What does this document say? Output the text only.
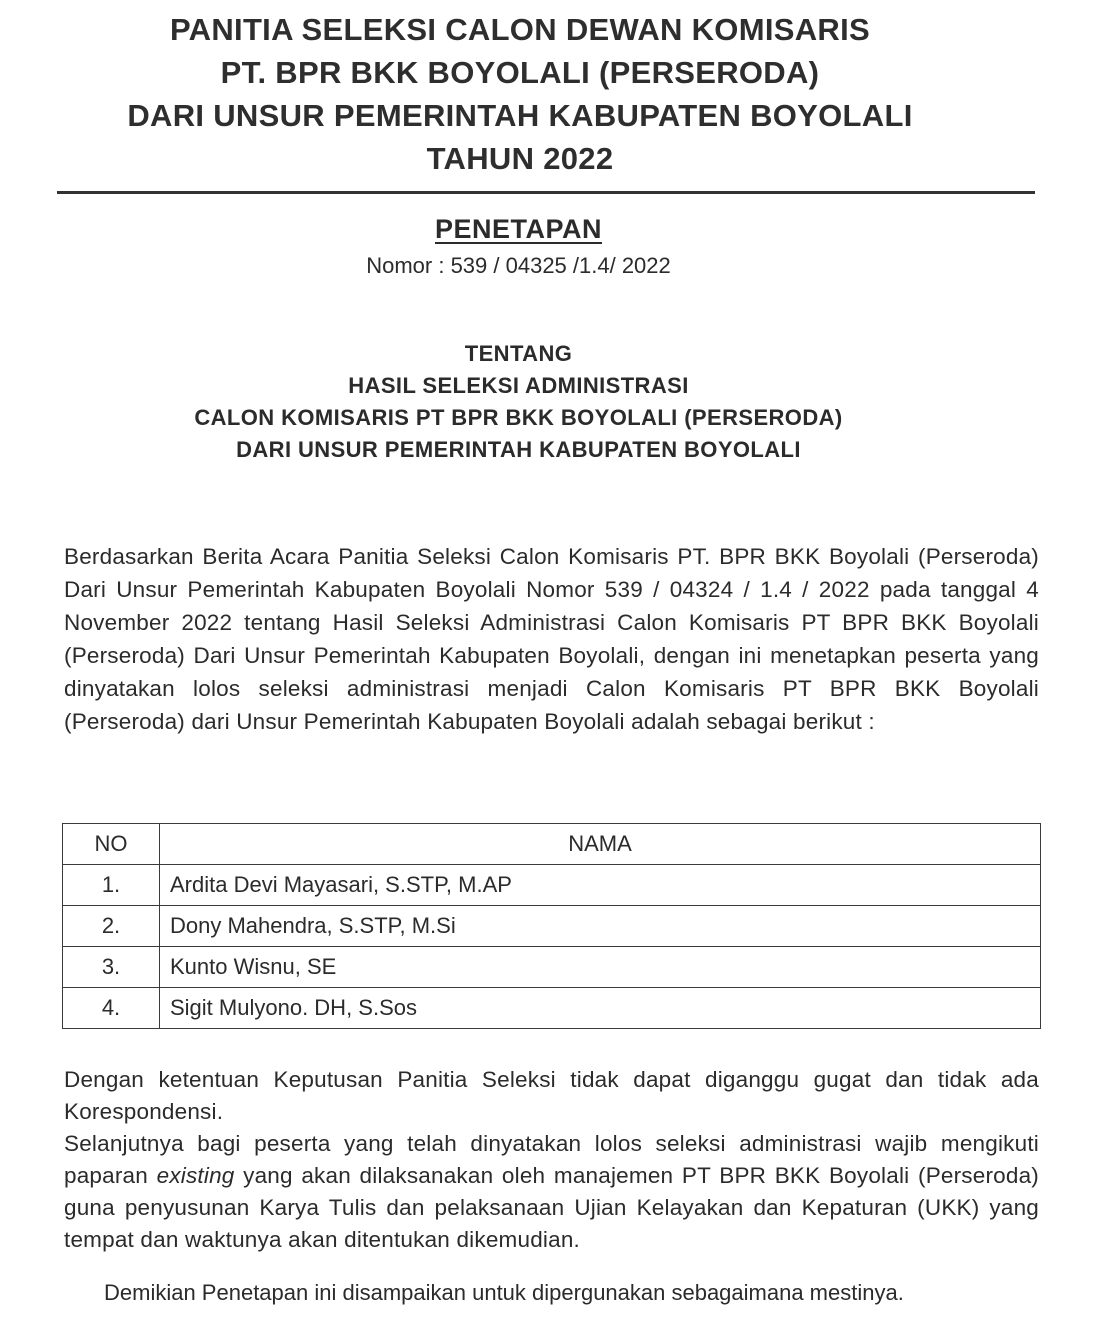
PANITIA SELEKSI CALON DEWAN KOMISARIS
PT. BPR BKK BOYOLALI (PERSERODA)
DARI UNSUR PEMERINTAH KABUPATEN BOYOLALI
TAHUN 2022
PENETAPAN
Nomor : 539 / 04325 /1.4/ 2022
TENTANG
HASIL SELEKSI ADMINISTRASI
CALON KOMISARIS PT BPR BKK BOYOLALI (PERSERODA)
DARI UNSUR PEMERINTAH KABUPATEN BOYOLALI
Berdasarkan Berita Acara Panitia Seleksi Calon Komisaris PT. BPR BKK Boyolali (Perseroda) Dari Unsur Pemerintah Kabupaten Boyolali Nomor 539 / 04324 / 1.4 / 2022 pada tanggal 4 November 2022 tentang Hasil Seleksi Administrasi Calon Komisaris PT BPR BKK Boyolali (Perseroda) Dari Unsur Pemerintah Kabupaten Boyolali, dengan ini menetapkan peserta yang dinyatakan lolos seleksi administrasi menjadi Calon Komisaris PT BPR BKK Boyolali (Perseroda) dari Unsur Pemerintah Kabupaten Boyolali adalah sebagai berikut :
NO	NAMA
1.	Ardita Devi Mayasari, S.STP, M.AP
2.	Dony Mahendra, S.STP, M.Si
3.	Kunto Wisnu, SE
4.	Sigit Mulyono. DH, S.Sos
Dengan ketentuan Keputusan Panitia Seleksi tidak dapat diganggu gugat dan tidak ada Korespondensi.
Selanjutnya bagi peserta yang telah dinyatakan lolos seleksi administrasi wajib mengikuti paparan existing yang akan dilaksanakan oleh manajemen PT BPR BKK Boyolali (Perseroda) guna penyusunan Karya Tulis dan pelaksanaan Ujian Kelayakan dan Kepaturan (UKK) yang tempat dan waktunya akan ditentukan dikemudian.
Demikian Penetapan ini disampaikan untuk dipergunakan sebagaimana mestinya.
